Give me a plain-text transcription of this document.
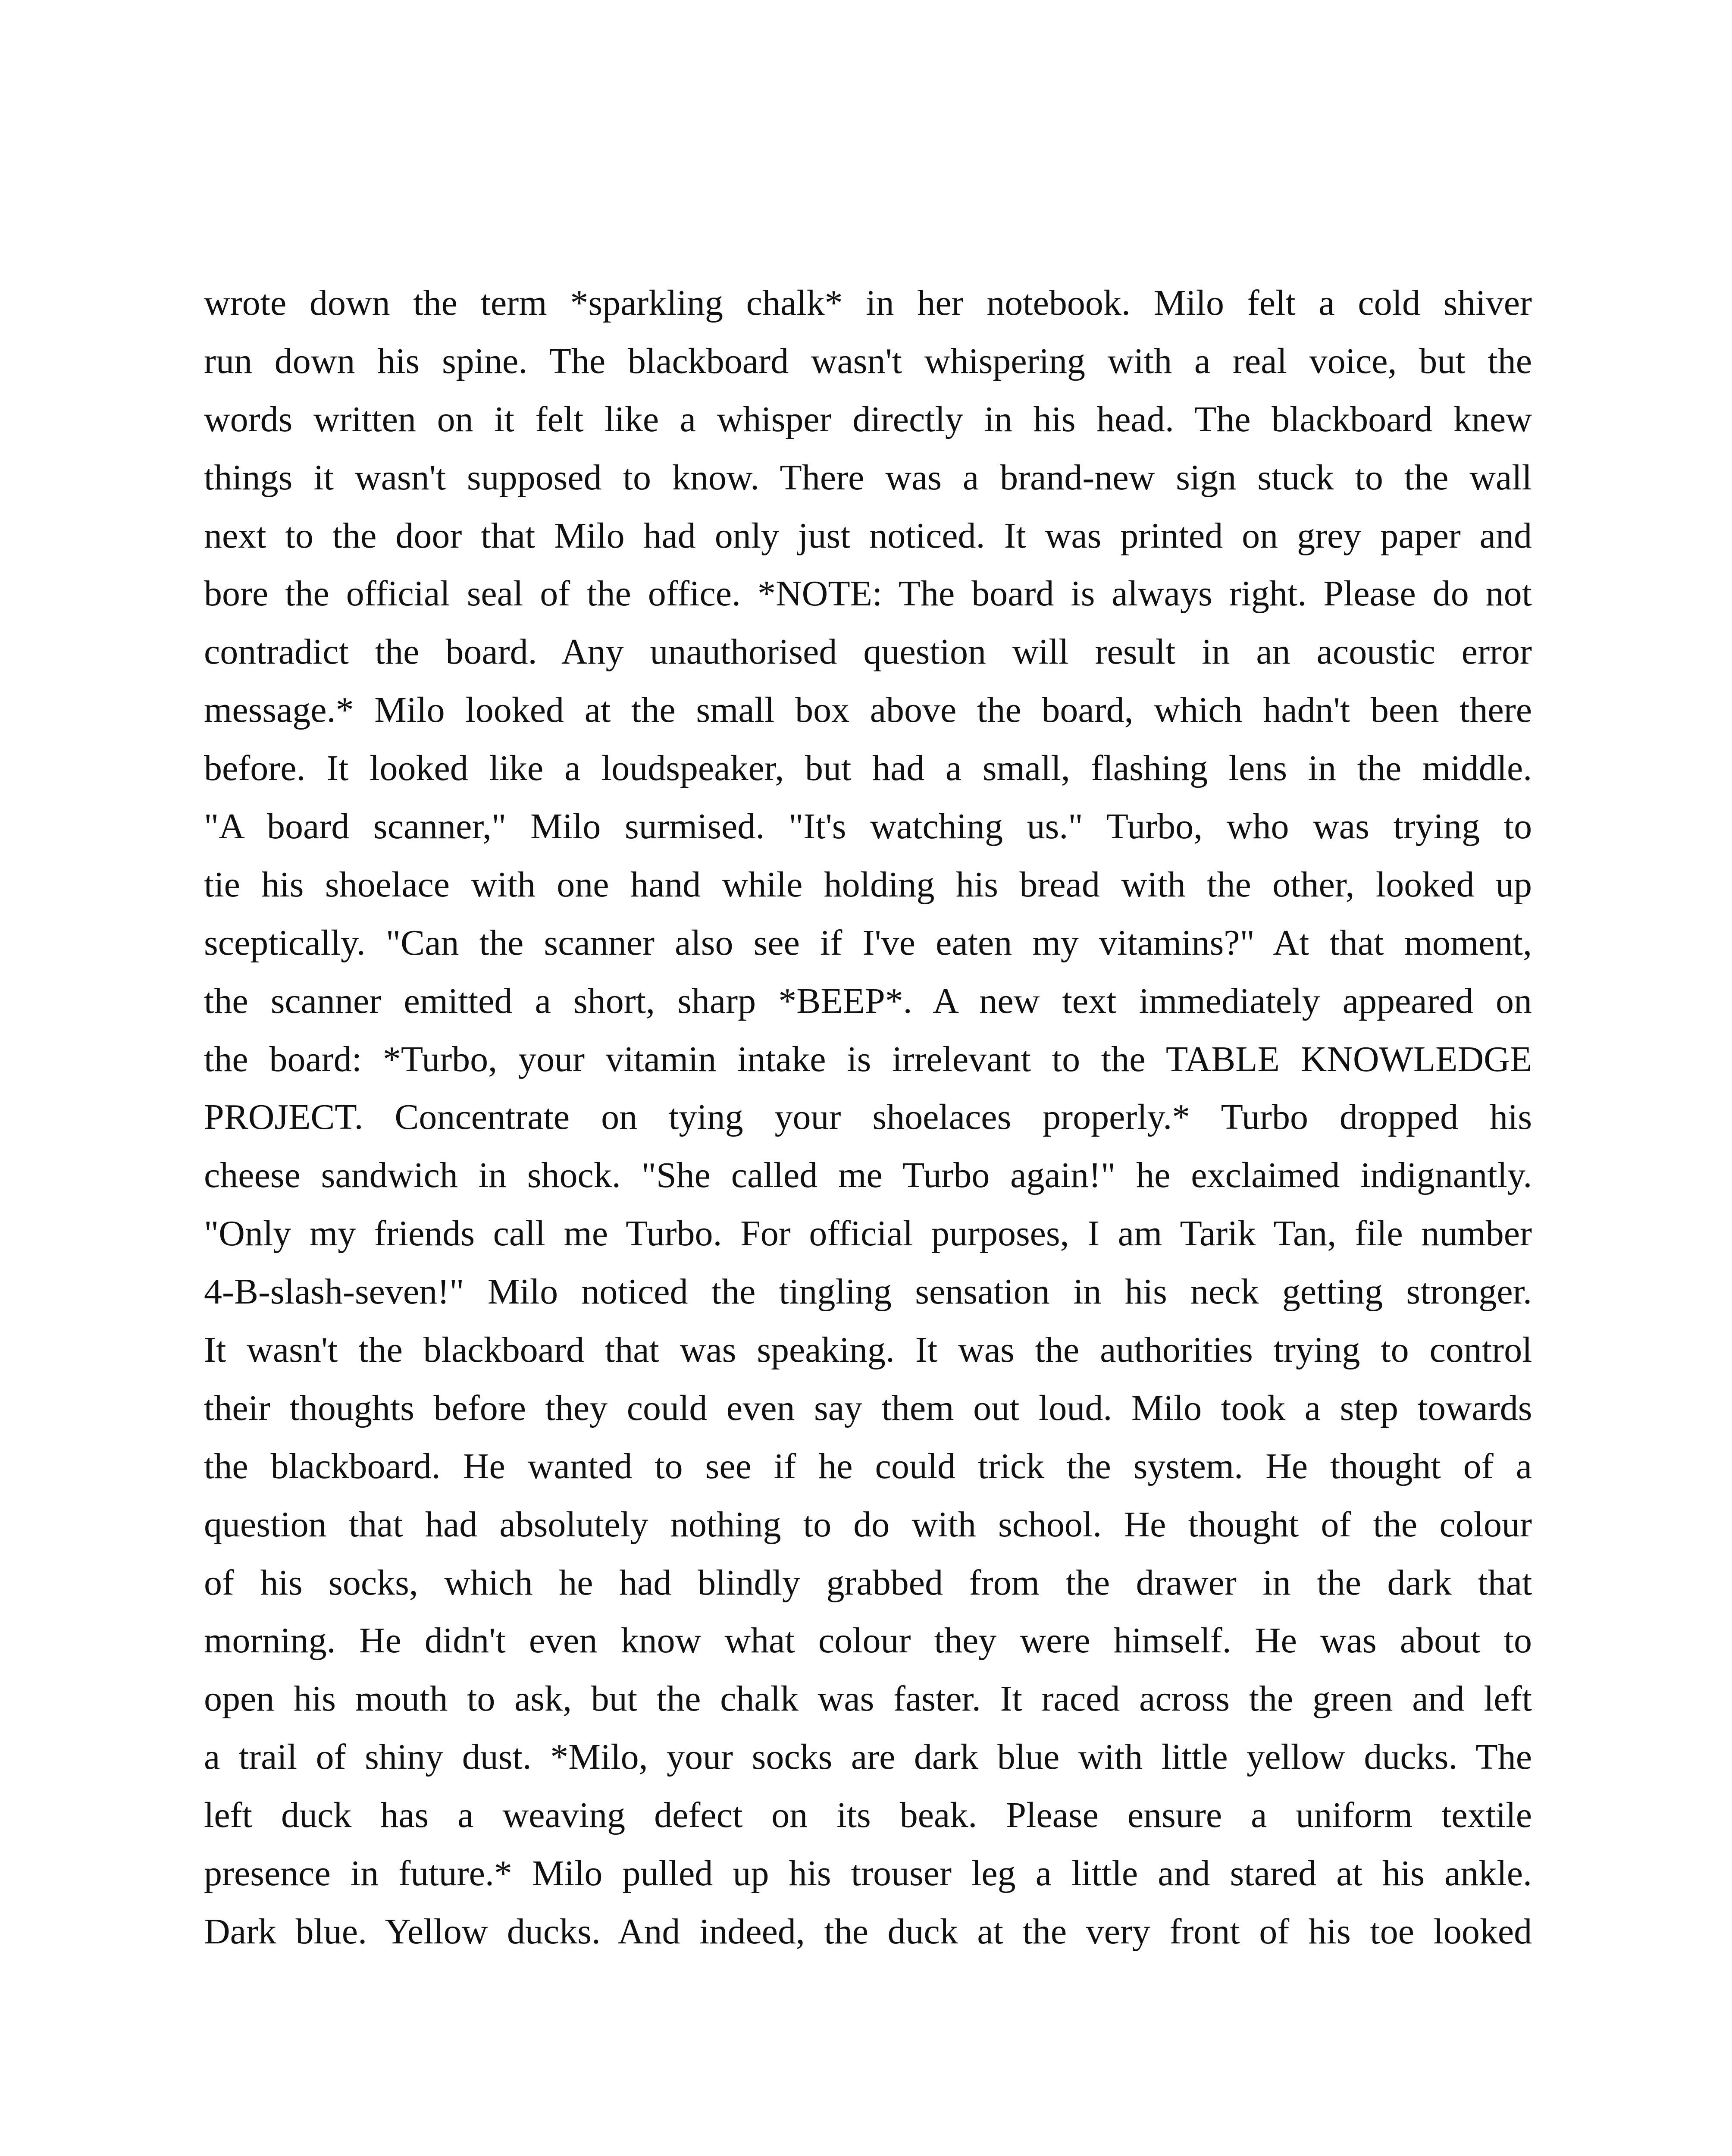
wrote down the term *sparkling chalk* in her notebook. Milo felt a cold shiver
run down his spine. The blackboard wasn't whispering with a real voice, but the
words written on it felt like a whisper directly in his head. The blackboard knew
things it wasn't supposed to know. There was a brand-new sign stuck to the wall
next to the door that Milo had only just noticed. It was printed on grey paper and
bore the official seal of the office. *NOTE: The board is always right. Please do not
contradict the board. Any unauthorised question will result in an acoustic error
message.* Milo looked at the small box above the board, which hadn't been there
before. It looked like a loudspeaker, but had a small, flashing lens in the middle.
"A board scanner," Milo surmised. "It's watching us." Turbo, who was trying to
tie his shoelace with one hand while holding his bread with the other, looked up
sceptically. "Can the scanner also see if I've eaten my vitamins?" At that moment,
the scanner emitted a short, sharp *BEEP*. A new text immediately appeared on
the board: *Turbo, your vitamin intake is irrelevant to the TABLE KNOWLEDGE
PROJECT. Concentrate on tying your shoelaces properly.* Turbo dropped his
cheese sandwich in shock. "She called me Turbo again!" he exclaimed indignantly.
"Only my friends call me Turbo. For official purposes, I am Tarik Tan, file number
4-B-slash-seven!" Milo noticed the tingling sensation in his neck getting stronger.
It wasn't the blackboard that was speaking. It was the authorities trying to control
their thoughts before they could even say them out loud. Milo took a step towards
the blackboard. He wanted to see if he could trick the system. He thought of a
question that had absolutely nothing to do with school. He thought of the colour
of his socks, which he had blindly grabbed from the drawer in the dark that
morning. He didn't even know what colour they were himself. He was about to
open his mouth to ask, but the chalk was faster. It raced across the green and left
a trail of shiny dust. *Milo, your socks are dark blue with little yellow ducks. The
left duck has a weaving defect on its beak. Please ensure a uniform textile
presence in future.* Milo pulled up his trouser leg a little and stared at his ankle.
Dark blue. Yellow ducks. And indeed, the duck at the very front of his toe looked
